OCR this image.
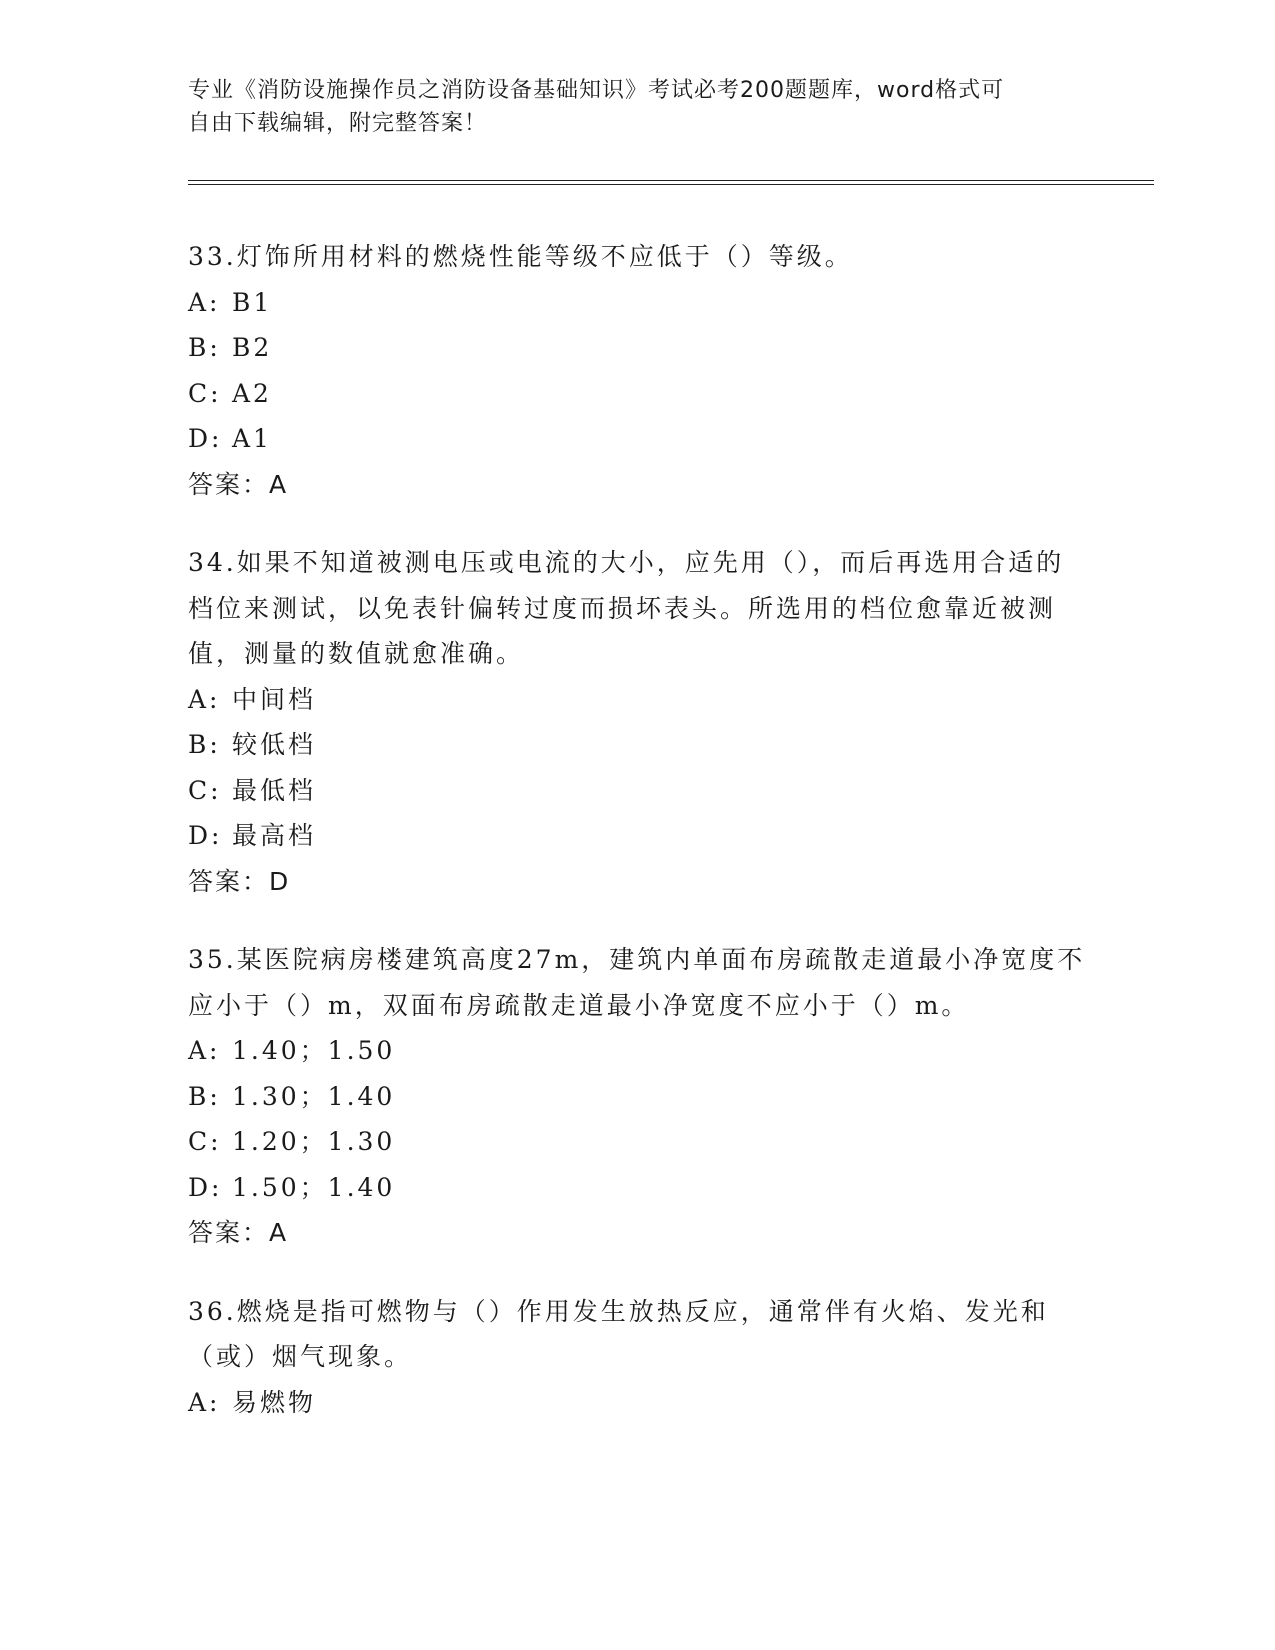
专业《消防设施操作员之消防设备基础知识》考试必考200题题库，word格式可
自由下载编辑，附完整答案！

33.灯饰所用材料的燃烧性能等级不应低于（）等级。

A: B1

B: B2

C: A2

D: A1

答案：A

34.如果不知道被测电压或电流的大小，应先用（），而后再选用合适的档位来测试，以免表针偏转过度而损坏表头。所选用的档位愈靠近被测值，测量的数值就愈准确。

A: 中间档

B: 较低档

C: 最低档

D: 最高档

答案：D

35.某医院病房楼建筑高度27m，建筑内单面布房疏散走道最小净宽度不应小于（）m，双面布房疏散走道最小净宽度不应小于（）m。

A: 1.40；1.50

B: 1.30；1.40

C: 1.20；1.30

D: 1.50；1.40

答案：A

36.燃烧是指可燃物与（）作用发生放热反应，通常伴有火焰、发光和（或）烟气现象。

A: 易燃物
